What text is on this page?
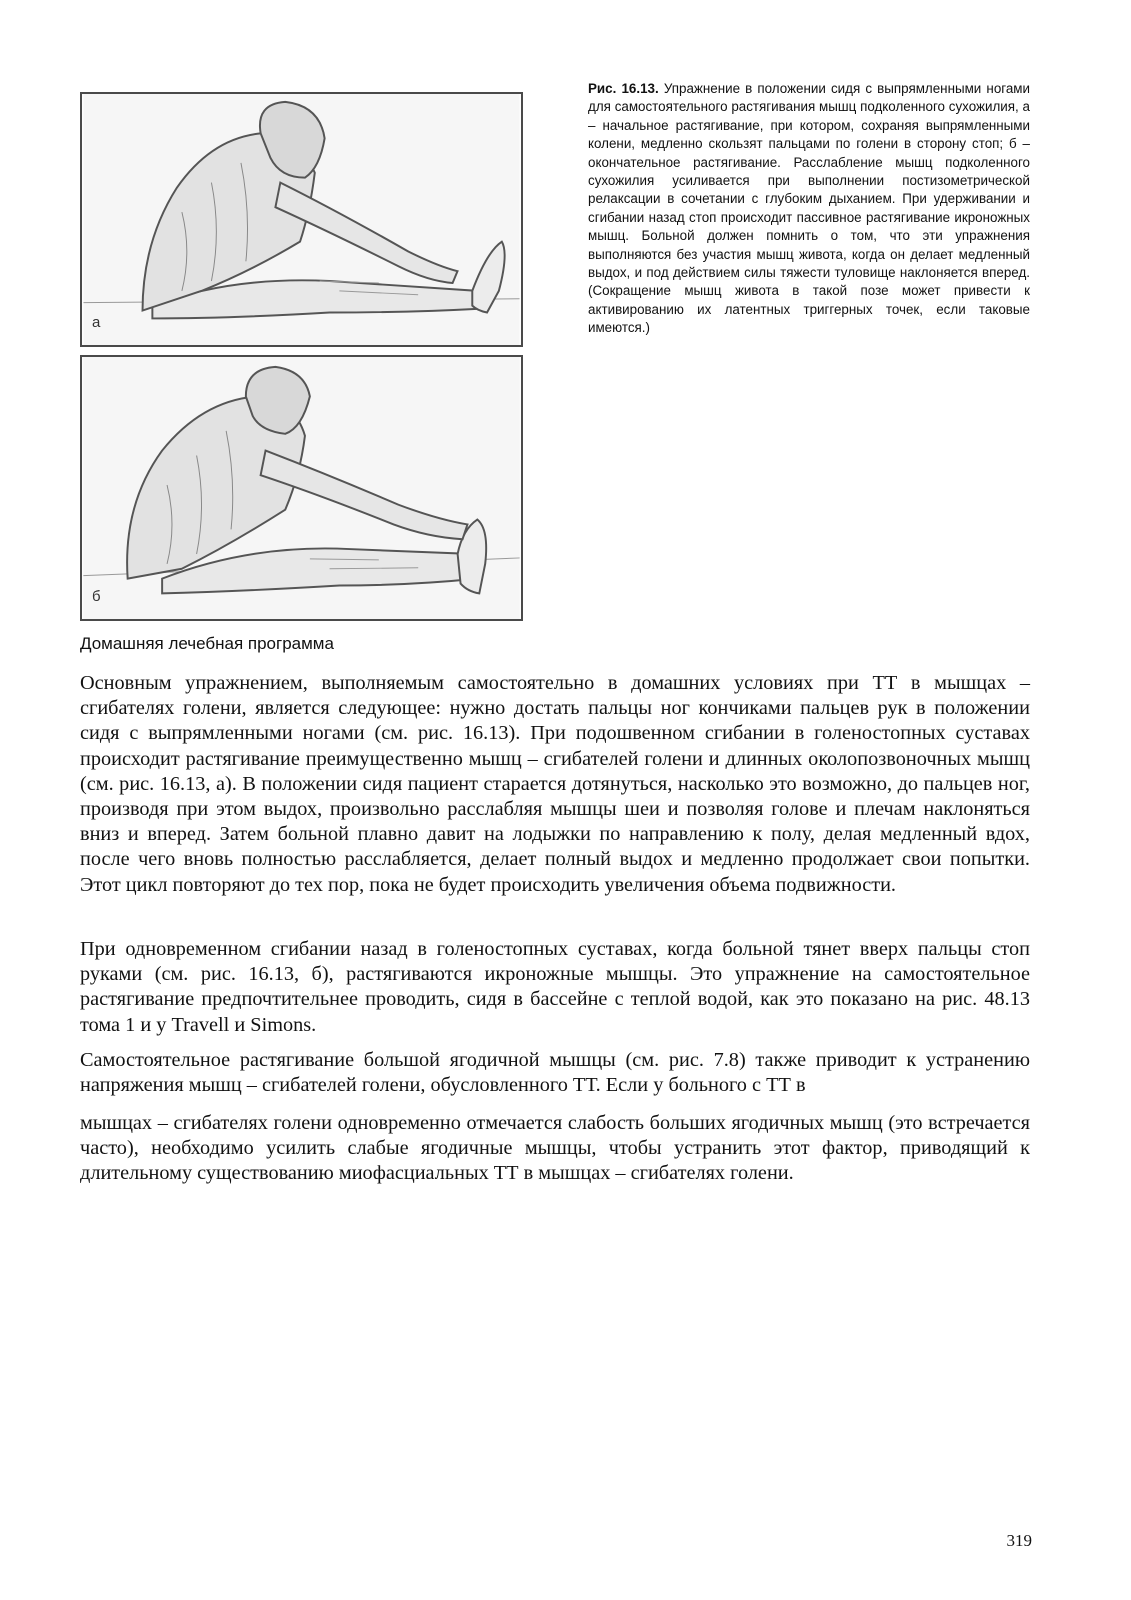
а
б

Рис. 16.13. Упражнение в положении сидя с выпрямленными ногами для самостоятельного растягивания мышц подколенного сухожилия, а – начальное растягивание, при котором, сохраняя выпрямленными колени, медленно скользят пальцами по голени в сторону стоп; б – окончательное растягивание. Расслабление мышц подколенного сухожилия усиливается при выполнении постизометрической релаксации в сочетании с глубоким дыханием. При удерживании и сгибании назад стоп происходит пассивное растягивание икроножных мышц. Больной должен помнить о том, что эти упражнения выполняются без участия мышц живота, когда он делает медленный выдох, и под действием силы тяжести туловище наклоняется вперед. (Сокращение мышц живота в такой позе может привести к активированию их латентных триггерных точек, если таковые имеются.)

Домашняя лечебная программа

Основным упражнением, выполняемым самостоятельно в домашних условиях при ТТ в мышцах – сгибателях голени, является следующее: нужно достать пальцы ног кончиками пальцев рук в положении сидя с выпрямленными ногами (см. рис. 16.13). При подошвенном сгибании в голеностопных суставах происходит растягивание преимущественно мышц – сгибателей голени и длинных околопозвоночных мышц (см. рис. 16.13, а). В положении сидя пациент старается дотянуться, насколько это возможно, до пальцев ног, производя при этом выдох, произвольно расслабляя мышцы шеи и позволяя голове и плечам наклоняться вниз и вперед. Затем больной плавно давит на лодыжки по направлению к полу, делая медленный вдох, после чего вновь полностью расслабляется, делает полный выдох и медленно продолжает свои попытки. Этот цикл повторяют до тех пор, пока не будет происходить увеличения объема подвижности.

При одновременном сгибании назад в голеностопных суставах, когда больной тянет вверх пальцы стоп руками (см. рис. 16.13, б), растягиваются икроножные мышцы. Это упражнение на самостоятельное растягивание предпочтительнее проводить, сидя в бассейне с теплой водой, как это показано на рис. 48.13 тома 1 и у Travell и Simons.

Самостоятельное растягивание большой ягодичной мышцы (см. рис. 7.8) также приводит к устранению напряжения мышц – сгибателей голени, обусловленного ТТ. Если у больного с ТТ в

мышцах – сгибателях голени одновременно отмечается слабость больших ягодичных мышц (это встречается часто), необходимо усилить слабые ягодичные мышцы, чтобы устранить этот фактор, приводящий к длительному существованию миофасциальных ТТ в мышцах – сгибателях голени.

319
